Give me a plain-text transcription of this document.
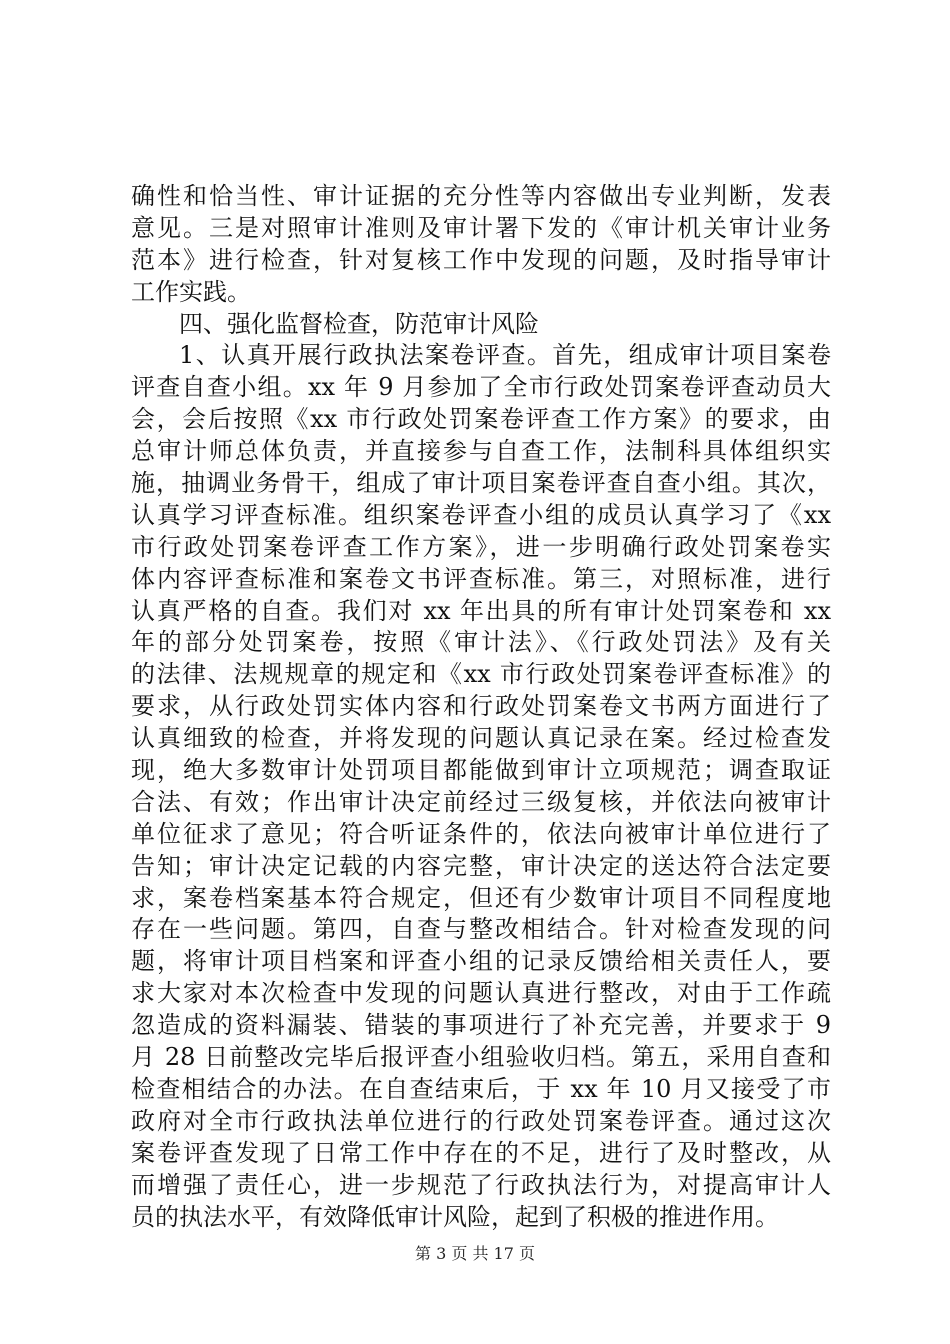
确性和恰当性、审计证据的充分性等内容做出专业判断，发表
意见。三是对照审计准则及审计署下发的《审计机关审计业务
范本》进行检查，针对复核工作中发现的问题，及时指导审计
工作实践。
四、强化监督检查，防范审计风险
1、认真开展行政执法案卷评查。首先，组成审计项目案卷
评查自查小组。xx 年 9 月参加了全市行政处罚案卷评查动员大
会，会后按照《xx 市行政处罚案卷评查工作方案》的要求，由
总审计师总体负责，并直接参与自查工作，法制科具体组织实
施，抽调业务骨干，组成了审计项目案卷评查自查小组。其次，
认真学习评查标准。组织案卷评查小组的成员认真学习了《xx
市行政处罚案卷评查工作方案》，进一步明确行政处罚案卷实
体内容评查标准和案卷文书评查标准。第三，对照标准，进行
认真严格的自查。我们对 xx 年出具的所有审计处罚案卷和 xx
年的部分处罚案卷，按照《审计法》、《行政处罚法》及有关
的法律、法规规章的规定和《xx 市行政处罚案卷评查标准》的
要求，从行政处罚实体内容和行政处罚案卷文书两方面进行了
认真细致的检查，并将发现的问题认真记录在案。经过检查发
现，绝大多数审计处罚项目都能做到审计立项规范；调查取证
合法、有效；作出审计决定前经过三级复核，并依法向被审计
单位征求了意见；符合听证条件的，依法向被审计单位进行了
告知；审计决定记载的内容完整，审计决定的送达符合法定要
求，案卷档案基本符合规定，但还有少数审计项目不同程度地
存在一些问题。第四，自查与整改相结合。针对检查发现的问
题，将审计项目档案和评查小组的记录反馈给相关责任人，要
求大家对本次检查中发现的问题认真进行整改，对由于工作疏
忽造成的资料漏装、错装的事项进行了补充完善，并要求于 9
月 28 日前整改完毕后报评查小组验收归档。第五，采用自查和
检查相结合的办法。在自查结束后，于 xx 年 10 月又接受了市
政府对全市行政执法单位进行的行政处罚案卷评查。通过这次
案卷评查发现了日常工作中存在的不足，进行了及时整改，从
而增强了责任心，进一步规范了行政执法行为，对提高审计人
员的执法水平，有效降低审计风险，起到了积极的推进作用。
第 3 页 共 17 页
